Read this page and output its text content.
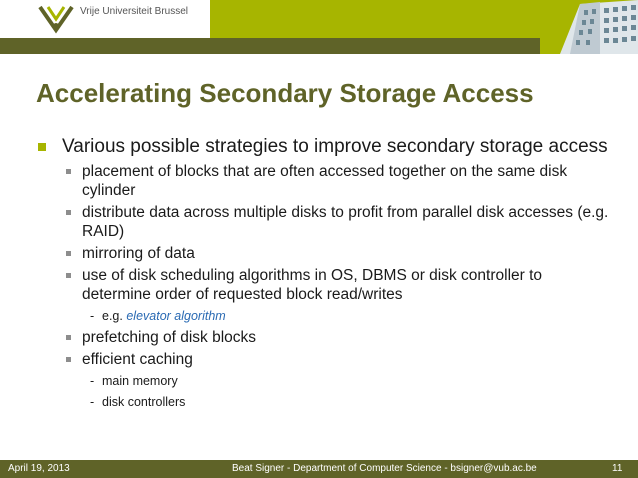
Vrije Universiteit Brussel
Accelerating Secondary Storage Access
Various possible strategies to improve secondary storage access
placement of blocks that are often accessed together on the same disk cylinder
distribute data across multiple disks to profit from parallel disk accesses (e.g. RAID)
mirroring of data
use of disk scheduling algorithms in OS, DBMS or disk controller to determine order of requested block read/writes
- e.g. elevator algorithm
prefetching of disk blocks
efficient caching
- main memory
- disk controllers
April 19, 2013	Beat Signer - Department of Computer Science - bsigner@vub.ac.be	11
